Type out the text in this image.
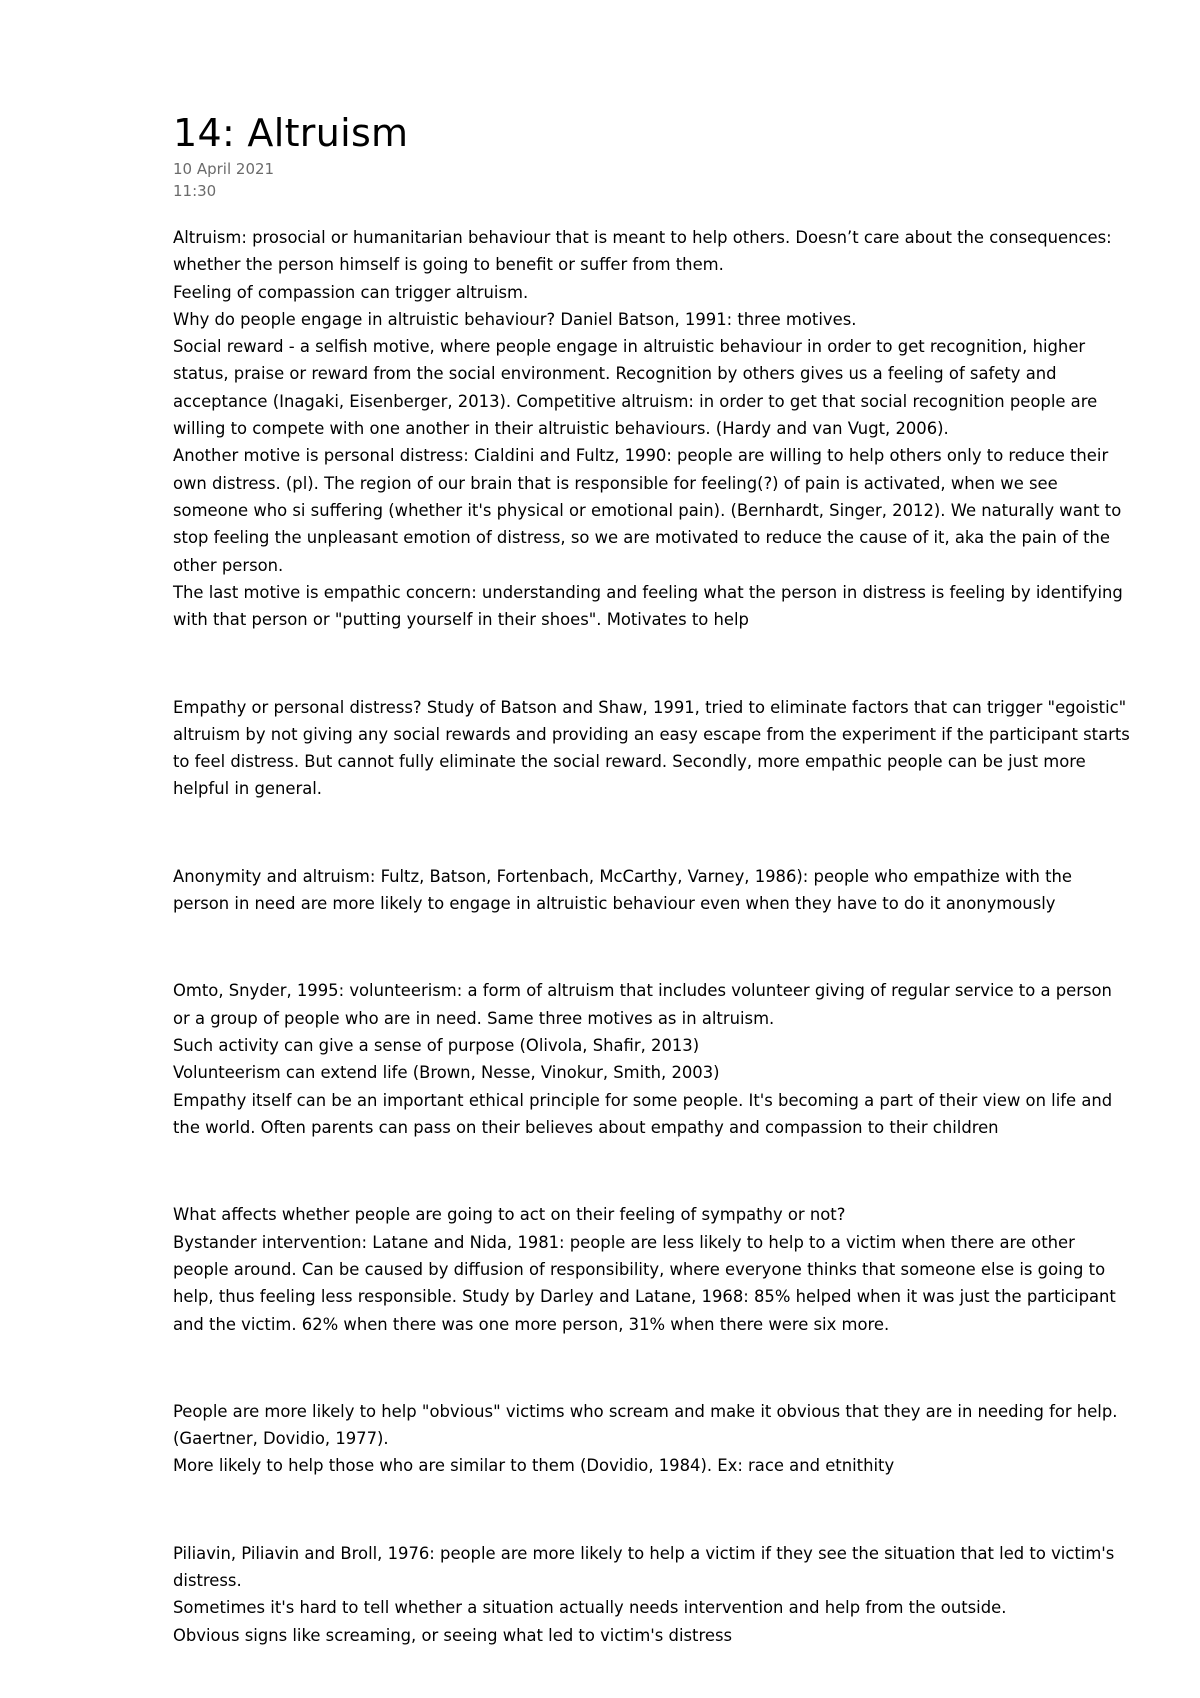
14: Altruism
10 April 2021
11:30

Altruism: prosocial or humanitarian behaviour that is meant to help others. Doesn’t care about the consequences: whether the person himself is going to benefit or suffer from them.

Feeling of compassion can trigger altruism.

Why do people engage in altruistic behaviour? Daniel Batson, 1991: three motives.

Social reward - a selfish motive, where people engage in altruistic behaviour in order to get recognition, higher status, praise or reward from the social environment. Recognition by others gives us a feeling of safety and acceptance (Inagaki, Eisenberger, 2013). Competitive altruism: in order to get that social recognition people are willing to compete with one another in their altruistic behaviours. (Hardy and van Vugt, 2006).

Another motive is personal distress: Cialdini and Fultz, 1990: people are willing to help others only to reduce their own distress. (pl). The region of our brain that is responsible for feeling(?) of pain is activated, when we see someone who si suffering (whether it's physical or emotional pain). (Bernhardt, Singer, 2012). We naturally want to stop feeling the unpleasant emotion of distress, so we are motivated to reduce the cause of it, aka the pain of the other person.

The last motive is empathic concern: understanding and feeling what the person in distress is feeling by identifying with that person or "putting yourself in their shoes". Motivates to help

Empathy or personal distress? Study of Batson and Shaw, 1991, tried to eliminate factors that can trigger "egoistic" altruism by not giving any social rewards and providing an easy escape from the experiment if the participant starts to feel distress. But cannot fully eliminate the social reward. Secondly, more empathic people can be just more helpful in general.

Anonymity and altruism: Fultz, Batson, Fortenbach, McCarthy, Varney, 1986): people who empathize with the person in need are more likely to engage in altruistic behaviour even when they have to do it anonymously

Omto, Snyder, 1995: volunteerism: a form of altruism that includes volunteer giving of regular service to a person or a group of people who are in need. Same three motives as in altruism.

Such activity can give a sense of purpose (Olivola, Shafir, 2013)

Volunteerism can extend life (Brown, Nesse, Vinokur, Smith, 2003)

Empathy itself can be an important ethical principle for some people. It's becoming a part of their view on life and the world. Often parents can pass on their believes about empathy and compassion to their children

What affects whether people are going to act on their feeling of sympathy or not?

Bystander intervention: Latane and Nida, 1981: people are less likely to help to a victim when there are other people around. Can be caused by diffusion of responsibility, where everyone thinks that someone else is going to help, thus feeling less responsible. Study by Darley and Latane, 1968: 85% helped when it was just the participant and the victim. 62% when there was one more person, 31% when there were six more.

People are more likely to help "obvious" victims who scream and make it obvious that they are in needing for help. (Gaertner, Dovidio, 1977).

More likely to help those who are similar to them (Dovidio, 1984). Ex: race and etnithity

Piliavin, Piliavin and Broll, 1976: people are more likely to help a victim if they see the situation that led to victim's distress.

Sometimes it's hard to tell whether a situation actually needs intervention and help from the outside.

Obvious signs like screaming, or seeing what led to victim's distress
